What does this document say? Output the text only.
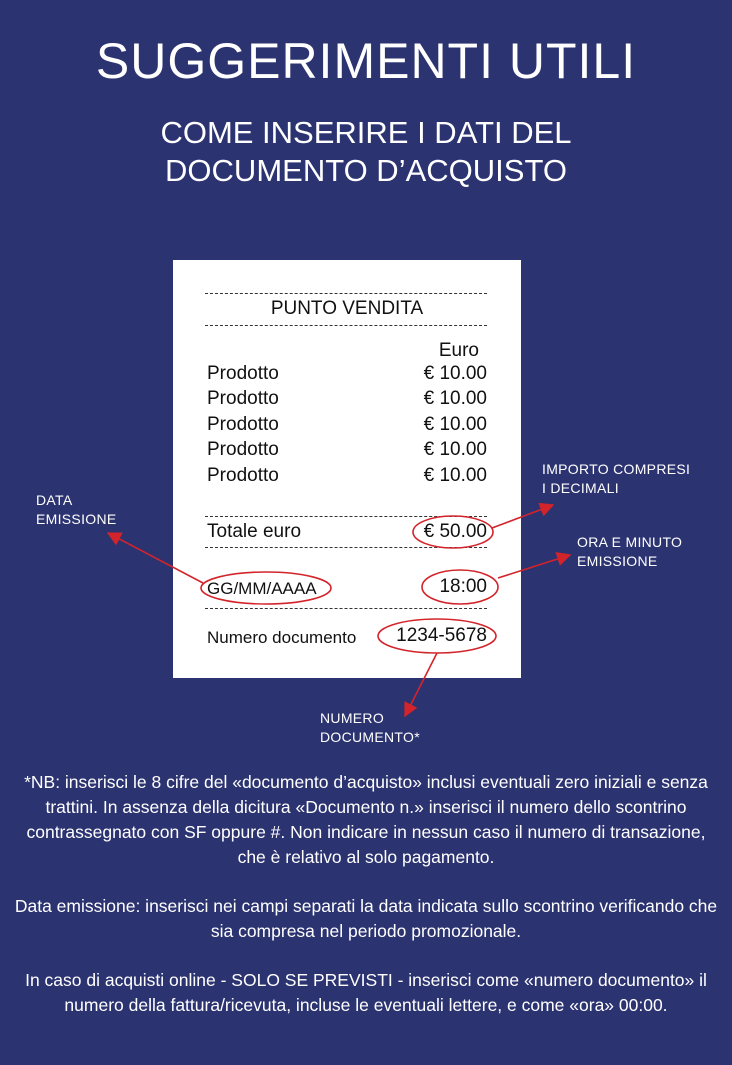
SUGGERIMENTI UTILI
COME INSERIRE I DATI DEL
DOCUMENTO D’ACQUISTO
PUNTO VENDITA
Euro
Prodotto	€ 10.00
Prodotto	€ 10.00
Prodotto	€ 10.00
Prodotto	€ 10.00
Prodotto	€ 10.00
Totale euro	€ 50.00
GG/MM/AAAA	18:00
Numero documento 1234-5678
IMPORTO COMPRESI
I DECIMALI
DATA
EMISSIONE
ORA E MINUTO
EMISSIONE
NUMERO
DOCUMENTO*

*NB: inserisci le 8 cifre del «documento d’acquisto» inclusi eventuali zero iniziali e senza trattini. In assenza della dicitura «Documento n.» inserisci il numero dello scontrino contrassegnato con SF oppure #. Non indicare in nessun caso il numero di transazione, che è relativo al solo pagamento.

Data emissione: inserisci nei campi separati la data indicata sullo scontrino verificando che sia compresa nel periodo promozionale.

In caso di acquisti online - SOLO SE PREVISTI - inserisci come «numero documento» il numero della fattura/ricevuta, incluse le eventuali lettere, e come «ora» 00:00.
